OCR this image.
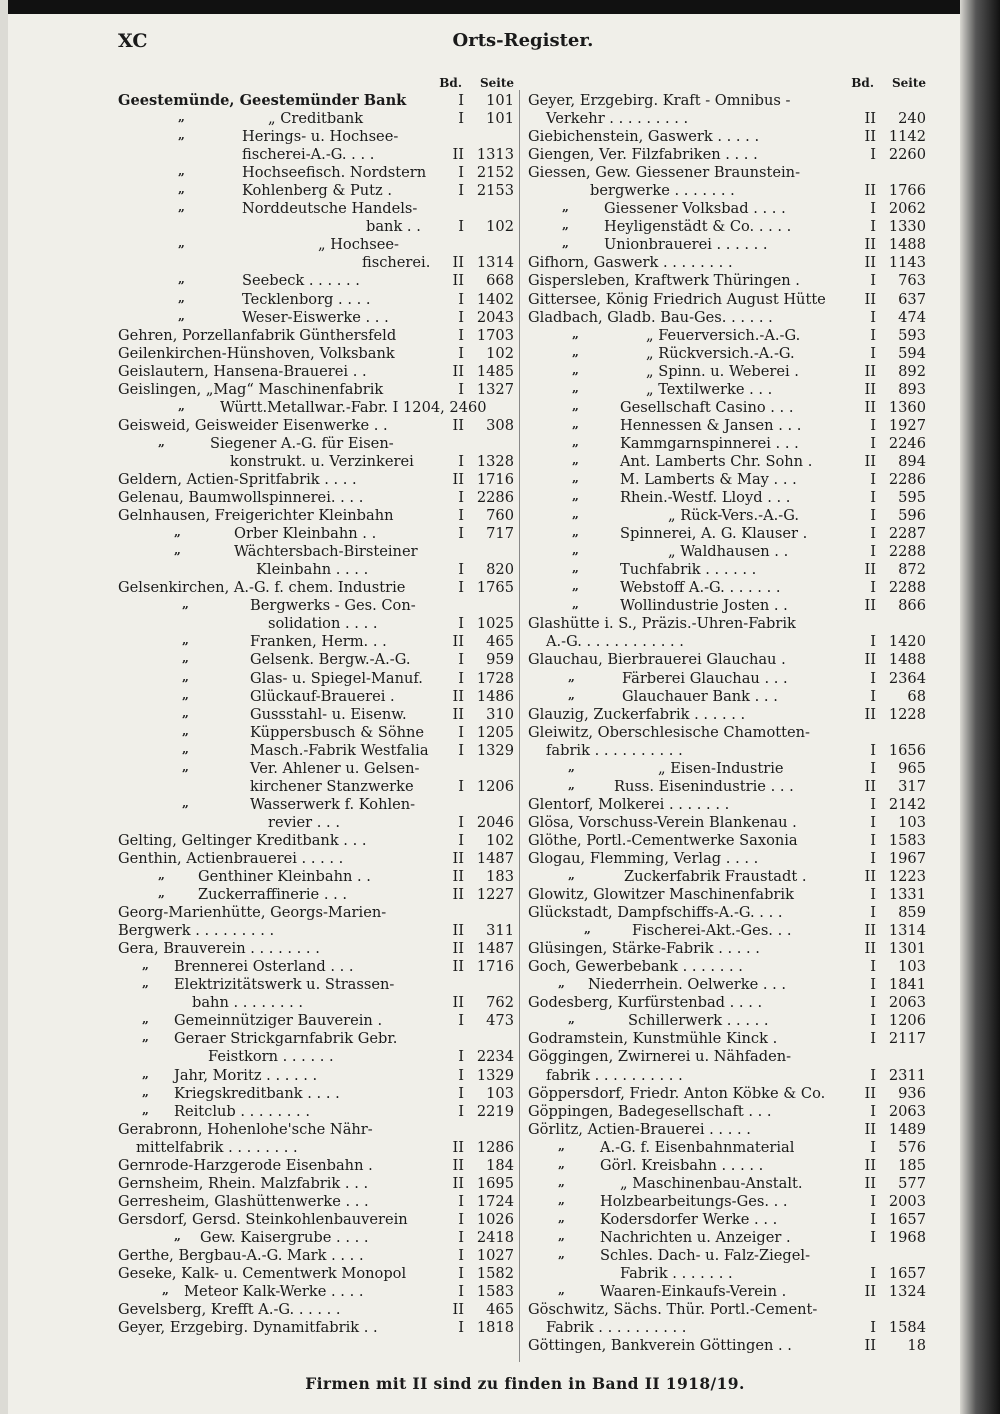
XC	Orts-Register.
Bd. Seite
Geestemünde, Geestemünder Bank	I	101
„	„ Creditbank	I	101
„	Herings- u. Hochsee-
fischerei-A.-G. . . .	II 1313
„	Hochseefisch. Nordstern I 2152
„	Kohlenberg & Putz .	I 2153
„	Norddeutsche Handels-
bank . .	I	102
„	„ Hochsee-
fischerei. II 1314
„	Seebeck . . . . . .	II	668
„	Tecklenborg . . . .	I 1402
„	Weser-Eiswerke . . .	I 2043
Gehren, Porzellanfabrik Günthersfeld	I 1703
Geilenkirchen-Hünshoven, Volksbank	I	102
Geislautern, Hansena-Brauerei . .	II 1485
Geislingen, „Mag“ Maschinenfabrik	I 1327
„ Württ.Metallwar.-Fabr. I 1204, 2460
Geisweid, Geisweider Eisenwerke . .	II	308
„	Siegener A.-G. für Eisen-
konstrukt. u. Verzinkerei	I 1328
Geldern, Actien-Spritfabrik . . . .	II 1716
Gelenau, Baumwollspinnerei. . . .	I 2286
Gelnhausen, Freigerichter Kleinbahn	I	760
„	Orber Kleinbahn . .	I	717
„	Wächtersbach-Birsteiner
Kleinbahn . . . .	I	820
Gelsenkirchen, A.-G. f. chem. Industrie	I 1765
„	Bergwerks - Ges. Con-
solidation . . . .	I 1025
„	Franken, Herm. . .	II	465
„	Gelsenk. Bergw.-A.-G.	I	959
„	Glas- u. Spiegel-Manuf. I 1728
„	Glückauf-Brauerei .	II 1486
„	Gussstahl- u. Eisenw.	II	310
„	Küppersbusch & Söhne I 1205
„	Masch.-Fabrik Westfalia I 1329
„	Ver. Ahlener u. Gelsen-
kirchener Stanzwerke	I 1206
„	Wasserwerk f. Kohlen-
revier . . .	I 2046
Gelting, Geltinger Kreditbank . . .	I	102
Genthin, Actienbrauerei . . . . .	II 1487
„ Genthiner Kleinbahn . .	II	183
„ Zuckerraffinerie . . .	II 1227
Georg-Marienhütte, Georgs-Marien-
Bergwerk . . . . . . . . .	II	311
Gera, Brauverein . . . . . . . .	II 1487
„ Brennerei Osterland . . .	II 1716
„ Elektrizitätswerk u. Strassen-
bahn . . . . . . . .	II	762
„ Gemeinnütziger Bauverein .	I	473
„ Geraer Strickgarnfabrik Gebr.
Feistkorn . . . . . .	I 2234
„ Jahr, Moritz . . . . . .	I 1329
„ Kriegskreditbank . . . .	I	103
„ Reitclub . . . . . . . .	I 2219
Gerabronn, Hohenlohe'sche Nähr-
mittelfabrik . . . . . . . .	II 1286
Gernrode-Harzgerode Eisenbahn .	II	184
Gernsheim, Rhein. Malzfabrik . . .	II 1695
Gerresheim, Glashüttenwerke . . .	I 1724
Gersdorf, Gersd. Steinkohlenbauverein	I 1026
„ Gew. Kaisergrube . . . .	I 2418
Gerthe, Bergbau-A.-G. Mark . . . .	I 1027
Geseke, Kalk- u. Cementwerk Monopol	I 1582
„ Meteor Kalk-Werke . . . .	I 1583
Gevelsberg, Krefft A.-G. . . . . .	II	465
Geyer, Erzgebirg. Dynamitfabrik . .	I 1818
Bd. Seite
Geyer, Erzgebirg. Kraft - Omnibus -
Verkehr . . . . . . . . .	II	240
Giebichenstein, Gaswerk . . . . .	II 1142
Giengen, Ver. Filzfabriken . . . .	I 2260
Giessen, Gew. Giessener Braunstein-
bergwerke . . . . . . .	II 1766
„ Giessener Volksbad . . . .	I 2062
„ Heyligenstädt & Co. . . . .	I 1330
„ Unionbrauerei . . . . . .	II 1488
Gifhorn, Gaswerk . . . . . . . .	II 1143
Gispersleben, Kraftwerk Thüringen .	I	763
Gittersee, König Friedrich August Hütte	II	637
Gladbach, Gladb. Bau-Ges. . . . . .	I	474
„	„ Feuerversich.-A.-G.	I	593
„	„ Rückversich.-A.-G.	I	594
„	„ Spinn. u. Weberei .	II	892
„	„ Textilwerke . . .	II	893
„	Gesellschaft Casino . . .	II 1360
„	Hennessen & Jansen . . .	I 1927
„	Kammgarnspinnerei . . .	I 2246
„	Ant. Lamberts Chr. Sohn .	II	894
„	M. Lamberts & May . . .	I 2286
„	Rhein.-Westf. Lloyd . . .	I	595
„	„ Rück-Vers.-A.-G.	I	596
„	Spinnerei, A. G. Klauser .	I 2287
„	„ Waldhausen . .	I 2288
„	Tuchfabrik . . . . . .	II	872
„	Webstoff A.-G. . . . . . .	I 2288
„	Wollindustrie Josten . .	II	866
Glashütte i. S., Präzis.-Uhren-Fabrik
A.-G. . . . . . . . . . . .	I 1420
Glauchau, Bierbrauerei Glauchau .	II 1488
„	Färberei Glauchau . . .	I 2364
„	Glauchauer Bank . . .	I	68
Glauzig, Zuckerfabrik . . . . . .	II 1228
Gleiwitz, Oberschlesische Chamotten-
fabrik . . . . . . . . . .	I 1656
„	„ Eisen-Industrie	I	965
„	Russ. Eisenindustrie . . .	II	317
Glentorf, Molkerei . . . . . . .	I 2142
Glösa, Vorschuss-Verein Blankenau .	I	103
Glöthe, Portl.-Cementwerke Saxonia	I 1583
Glogau, Flemming, Verlag . . . .	I 1967
„	Zuckerfabrik Fraustadt .	II 1223
Glowitz, Glowitzer Maschinenfabrik	I 1331
Glückstadt, Dampfschiffs-A.-G. . . .	I	859
„	Fischerei-Akt.-Ges. . .	II 1314
Glüsingen, Stärke-Fabrik . . . . .	II 1301
Goch, Gewerbebank . . . . . . .	I	103
„ Niederrhein. Oelwerke . . .	I 1841
Godesberg, Kurfürstenbad . . . .	I 2063
„	Schillerwerk . . . . .	I 1206
Godramstein, Kunstmühle Kinck .	I 2117
Göggingen, Zwirnerei u. Nähfaden-
fabrik . . . . . . . . . .	I 2311
Göppersdorf, Friedr. Anton Köbke & Co.	II	936
Göppingen, Badegesellschaft . . .	I 2063
Görlitz, Actien-Brauerei . . . . .	II 1489
„ A.-G. f. Eisenbahnmaterial	I	576
„ Görl. Kreisbahn . . . . .	II	185
„	„ Maschinenbau-Anstalt.	II	577
„ Holzbearbeitungs-Ges. . .	I 2003
„ Kodersdorfer Werke . . .	I 1657
„ Nachrichten u. Anzeiger .	I 1968
„ Schles. Dach- u. Falz-Ziegel-
Fabrik . . . . . . .	I 1657
„ Waaren-Einkaufs-Verein .	II 1324
Göschwitz, Sächs. Thür. Portl.-Cement-
Fabrik . . . . . . . . . .	I 1584
Göttingen, Bankverein Göttingen . .	II	18
Firmen mit II sind zu finden in Band II 1918/19.
